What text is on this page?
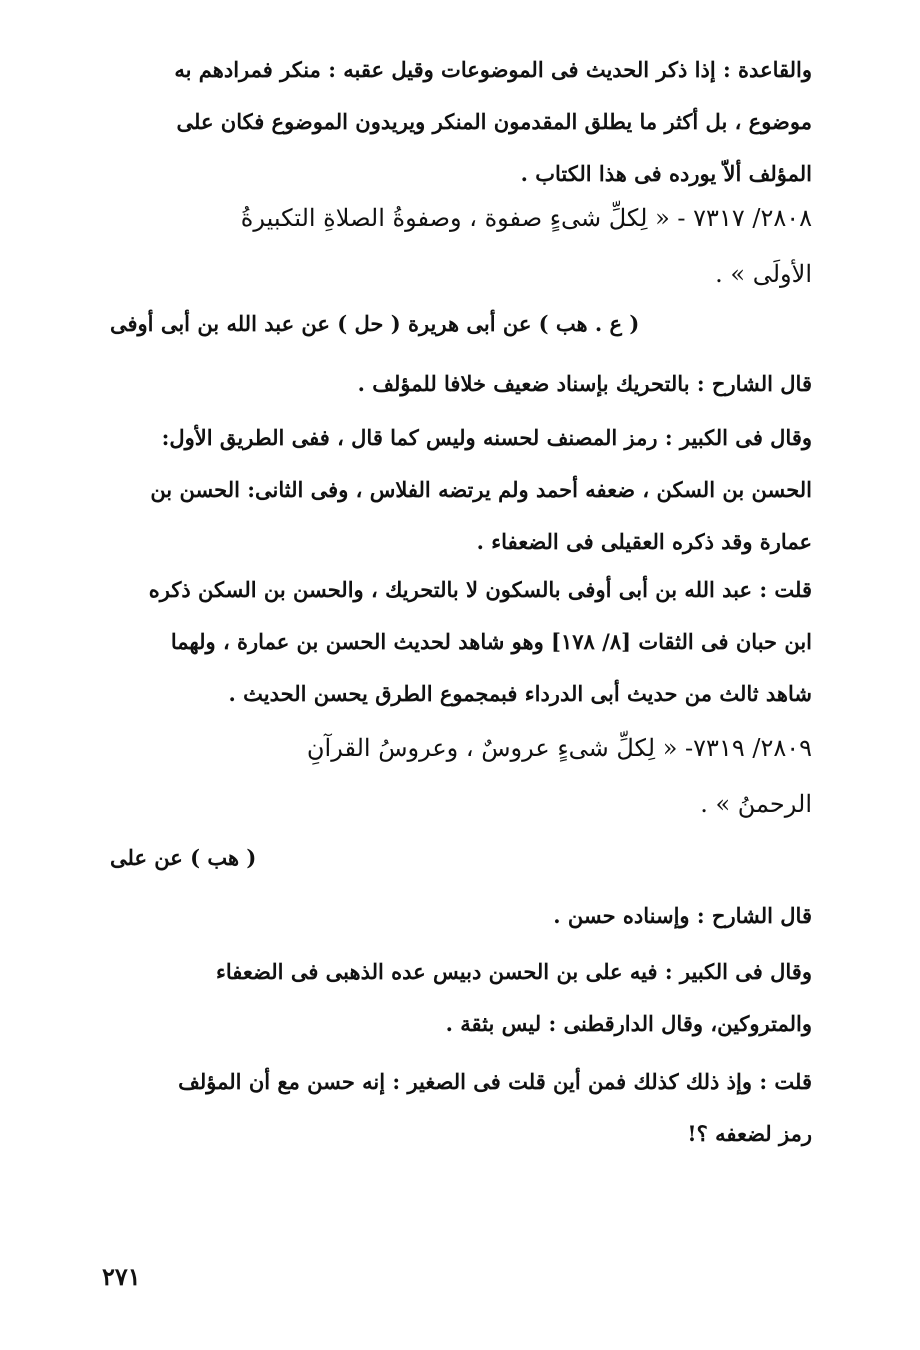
والقاعدة : إذا ذكر الحديث فى الموضوعات وقيل عقبه : منكر فمرادهم به
موضوع ، بل أكثر ما يطلق المقدمون المنكر ويريدون الموضوع فكان على
المؤلف ألاّ يورده فى هذا الكتاب .
٢٨٠٨/ ٧٣١٧ - « لِكلِّ شىءٍ صفوة ، وصفوةُ الصلاةِ التكبيرةُ
الأولَى » .
( ع . هب ) عن أبى هريرة ( حل ) عن عبد الله بن أبى أوفى
قال الشارح : بالتحريك بإسناد ضعيف خلافا للمؤلف .
وقال فى الكبير : رمز المصنف لحسنه وليس كما قال ، ففى الطريق الأول:
الحسن بن السكن ، ضعفه أحمد ولم يرتضه الفلاس ، وفى الثانى: الحسن بن
عمارة وقد ذكره العقيلى فى الضعفاء .
قلت : عبد الله بن أبى أوفى بالسكون لا بالتحريك ، والحسن بن السكن ذكره
ابن حبان فى الثقات [٨/ ١٧٨] وهو شاهد لحديث الحسن بن عمارة ، ولهما
شاهد ثالث من حديث أبى الدرداء فبمجموع الطرق يحسن الحديث .
٢٨٠٩/ ٧٣١٩- « لِكلِّ شىءٍ عروسٌ ، وعروسُ القرآنِ
الرحمنُ » .
( هب ) عن على
قال الشارح : وإسناده حسن .
وقال فى الكبير : فيه على بن الحسن دبيس عده الذهبى فى الضعفاء
والمتروكين، وقال الدارقطنى : ليس بثقة .
قلت : وإذ ذلك كذلك فمن أين قلت فى الصغير : إنه حسن مع أن المؤلف
رمز لضعفه ؟!
٢٧١
